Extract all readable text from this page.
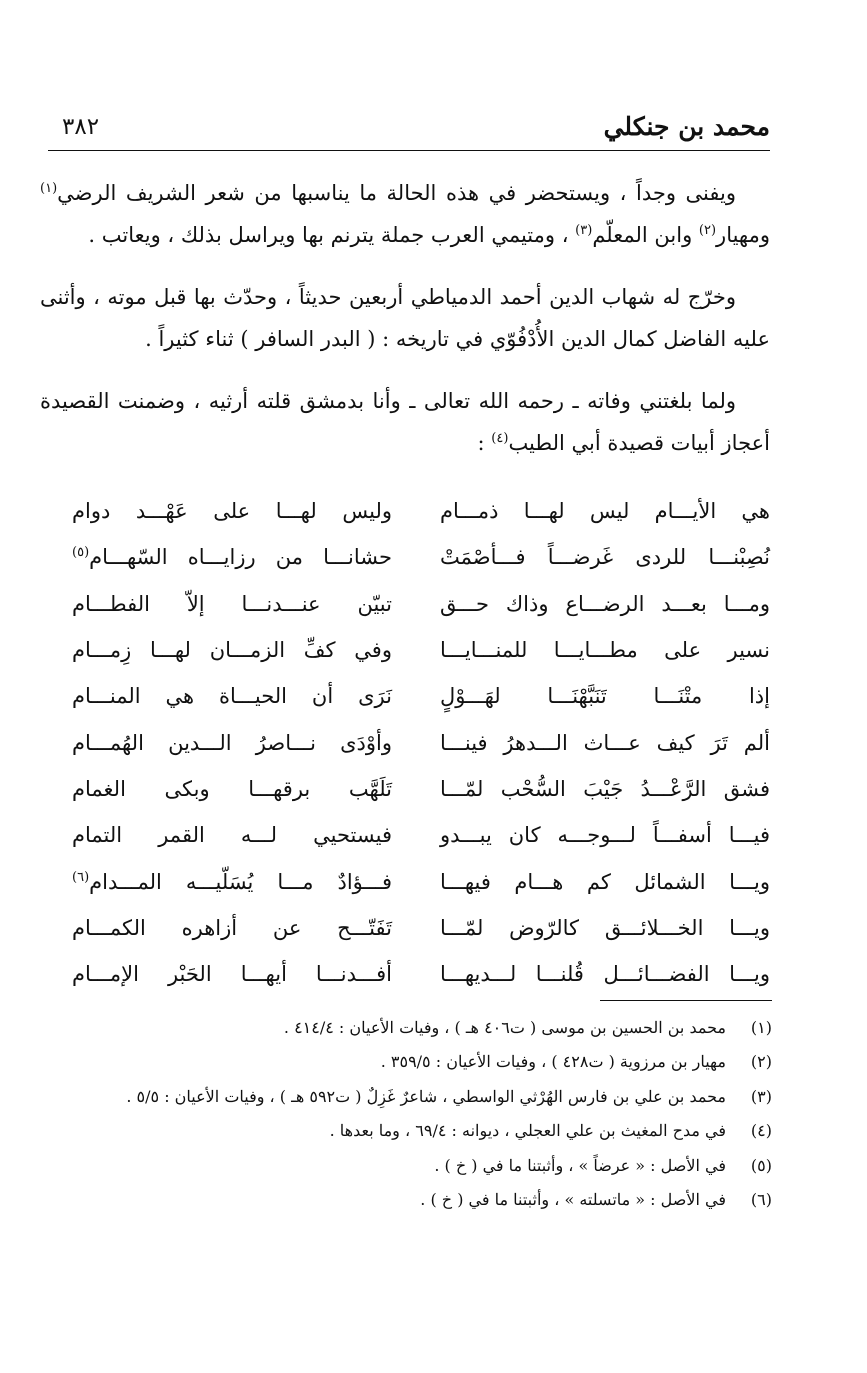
محمد بن جنكلي
٣٨٢

ويفنى وجداً ، ويستحضر في هذه الحالة ما يناسبها من شعر الشريف الرضي$^{(١)}$ ومهيار$^{(٢)}$ وابن المعلّم$^{(٣)}$ ، ومتيمي العرب جملة يترنم بها ويراسل بذلك ، ويعاتب .

وخرّج له شهاب الدين أحمد الدمياطي أربعين حديثاً ، وحدّث بها قبل موته ، وأثنى عليه الفاضل كمال الدين الأُدْفُوّي في تاريخه : ( البدر السافر ) ثناء كثيراً .

ولما بلغتني وفاته ـ رحمه الله تعالى ـ وأنا بدمشق قلته أرثيه ، وضمنت القصيدة أعجاز أبيات قصيدة أبي الطيب$^{(٤)}$ :

هي الأيـــام ليس لهـــا ذمـــام
وليس لهـــا على عَهْـــد دوام
نُصِبْنـــا للردى غَرضـــاً فـــأصْمَتْ
حشانـــا من رزايـــاه السّهـــام$^{(٥)}$
ومـــا بعـــد الرضـــاع وذاك حـــق
تبيّن عنـــدنـــا إلاّ الفطـــام
نسير على مطـــايـــا للمنـــايـــا
وفي كفِّ الزمـــان لهـــا زِمـــام
إذا متْنَـــا تَنَبَّهْنَـــا لهَـــوْلٍ
نَرَى أن الحيـــاة هي المنـــام
ألم تَرَ كيف عـــاث الـــدهرُ فينـــا
وأوْدَى نـــاصرُ الـــدين الهُمـــام
فشق الرَّعْـــدُ جَيْبَ السُّحْب لمّـــا
تَلَهَّب برقهـــا وبكى الغمام
فيـــا أسفـــاً لـــوجـــه كان يبـــدو
فيستحيي لـــه القمر التمام
ويـــا الشمائل كم هـــام فيهـــا
فـــؤادٌ مـــا يُسَلّيـــه المـــدام$^{(٦)}$
ويـــا الخـــلائـــق كالرّوض لمّـــا
تَفَتّـــح عن أزاهره الكمـــام
ويـــا الفضـــائـــل قُلنـــا لـــديهـــا
أفـــدنـــا أيهـــا الحَبْر الإمـــام
(١)
محمد بن الحسين بن موسى ( ت٤٠٦ هـ ) ، وفيات الأعيان : ٤١٤/٤ .
(٢)
مهيار بن مرزوية ( ت٤٢٨ ) ، وفيات الأعيان : ٣٥٩/٥ .
(٣)
محمد بن علي بن فارس الهُرْثي الواسطي ، شاعرٌ غَزِلٌ ( ت٥٩٢ هـ ) ، وفيات الأعيان : ٥/٥ .
(٤)
في مدح المغيث بن علي العجلي ، ديوانه : ٦٩/٤ ، وما بعدها .
(٥)
في الأصل : « عرضاً » ، وأثبتنا ما في ( خ ) .
(٦)
في الأصل : « ماتسلته » ، وأثبتنا ما في ( خ ) .
